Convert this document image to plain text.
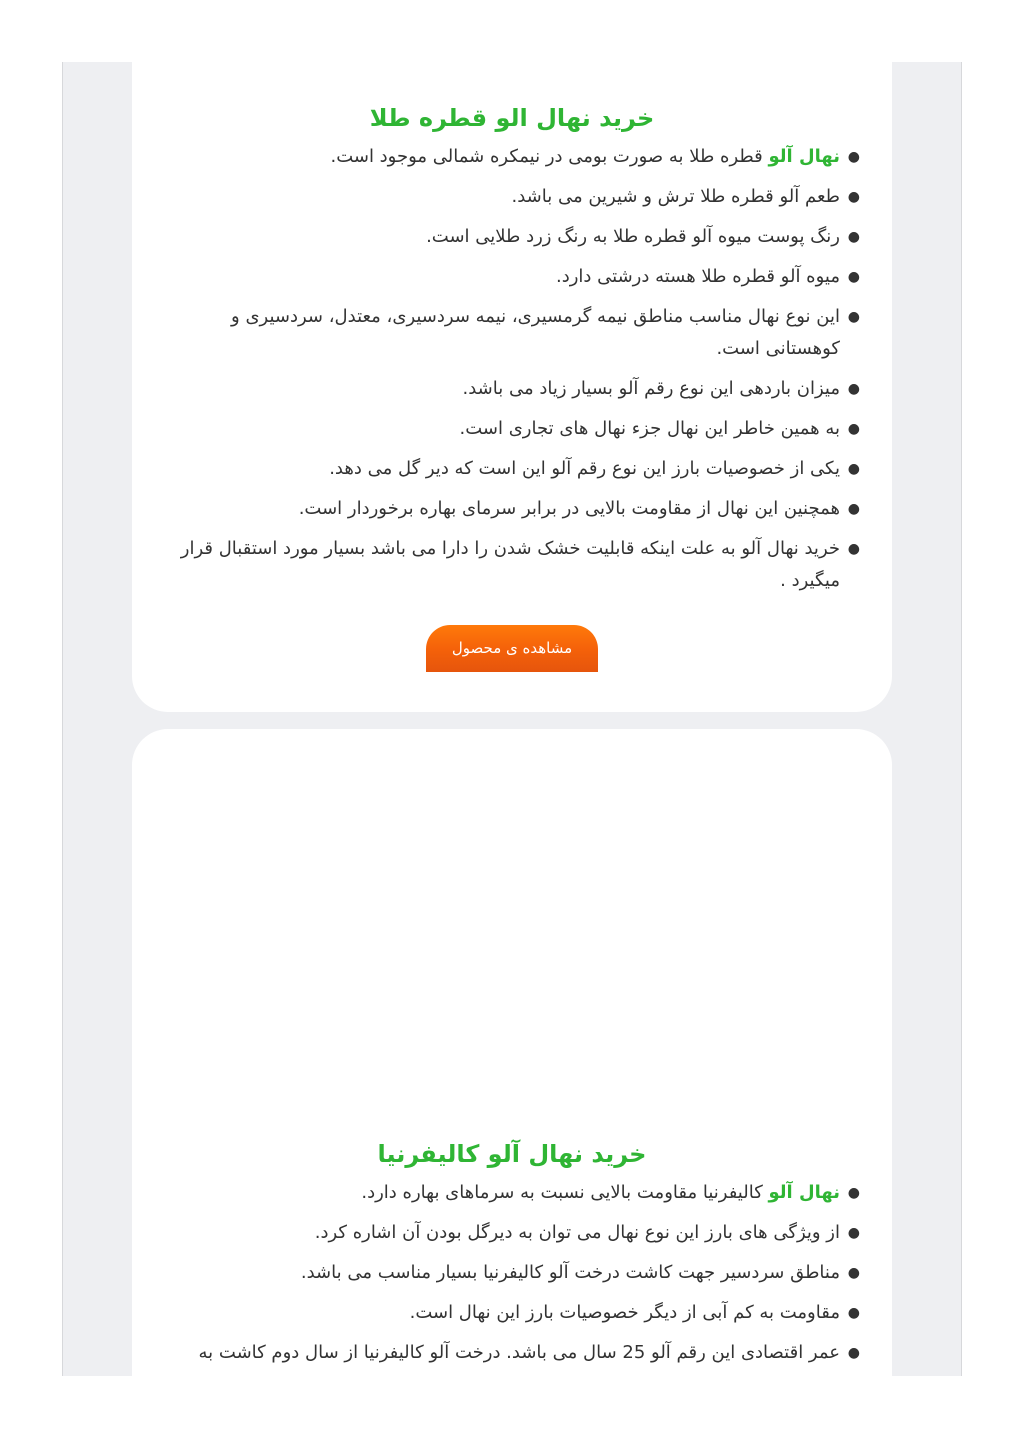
خرید نهال الو قطره طلا
●
نهال آلو قطره طلا به صورت بومی در نیمکره شمالی موجود است.
●
طعم آلو قطره طلا ترش و شیرین می باشد.
●
رنگ پوست میوه آلو قطره طلا به رنگ زرد طلایی است.
●
میوه آلو قطره طلا هسته درشتی دارد.
●
این نوع نهال مناسب مناطق نیمه گرمسیری، نیمه سردسیری، معتدل، سردسیری و کوهستانی است.
●
میزان باردهی این نوع رقم آلو بسیار زیاد می باشد.
●
به همین خاطر این نهال جزء نهال های تجاری است.
●
یکی از خصوصیات بارز این نوع رقم آلو این است که دیر گل می دهد.
●
همچنین این نهال از مقاومت بالایی در برابر سرمای بهاره برخوردار است.
●
خرید نهال آلو به علت اینکه قابلیت خشک شدن را دارا می باشد بسیار مورد استقبال قرار میگیرد .
مشاهده ی محصول
خرید نهال آلو کالیفرنیا
●
نهال آلو کالیفرنیا مقاومت بالایی نسبت به سرماهای بهاره دارد.
●
از ویژگی های بارز این نوع نهال می توان به دیرگل بودن آن اشاره کرد.
●
مناطق سردسیر جهت کاشت درخت آلو کالیفرنیا بسیار مناسب می باشد.
●
مقاومت به کم آبی از دیگر خصوصیات بارز این نهال است.
●
عمر اقتصادی این رقم آلو 25 سال می باشد. درخت آلو کالیفرنیا از سال دوم کاشت به
